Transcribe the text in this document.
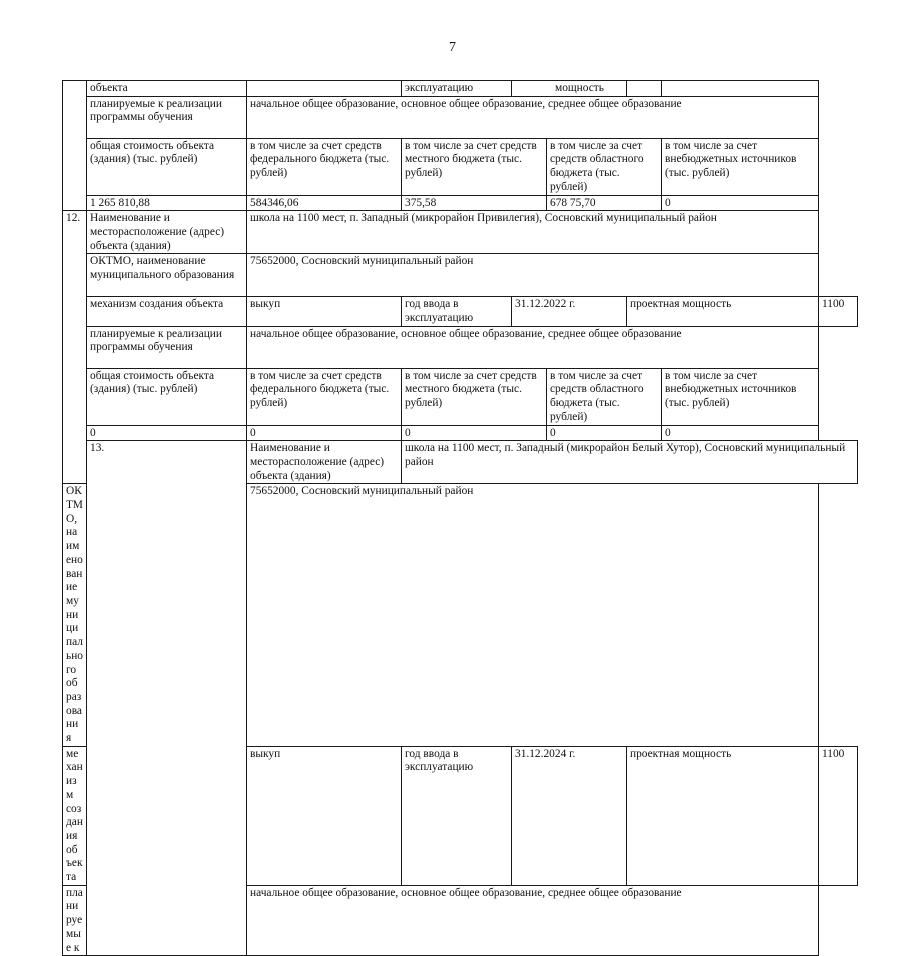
7
	объекта		эксплуатацию				мощность	
	планируемые к реализации программы обучения	начальное общее образование, основное общее образование, среднее общее образование						
	общая стоимость объекта (здания) (тыс. рублей)	в том числе за счет средств федерального бюджета (тыс. рублей)	в том числе за счет средств местного бюджета (тыс. рублей)		в том числе за счет средств областного бюджета (тыс. рублей)		в том числе за счет внебюджетных источников (тыс. рублей)	
	1 265 810,88	584346,06	375,58		678 75,70		0	
12.	Наименование и месторасположение (адрес) объекта (здания)	школа на 1100 мест, п. Западный (микрорайон Привилегия), Сосновский муниципальный район						
	ОКТМО, наименование муниципального образования	75652000, Сосновский муниципальный район						
	механизм создания объекта	выкуп	год ввода в эксплуатацию	31.12.2022 г.		проектная мощность		1100
	планируемые к реализации программы обучения	начальное общее образование, основное общее образование, среднее общее образование						
	общая стоимость объекта (здания) (тыс. рублей)	в том числе за счет средств федерального бюджета (тыс. рублей)	в том числе за счет средств местного бюджета (тыс. рублей)		в том числе за счет средств областного бюджета (тыс. рублей)		в том числе за счет внебюджетных источников (тыс. рублей)	
	0	0	0		0		0	
	13.	Наименование и месторасположение (адрес) объекта (здания)	школа на 1100 мест, п. Западный (микрорайон Белый Хутор), Сосновский муниципальный район					
ОКТМО, наименование муниципального образования		75652000, Сосновский муниципальный район						
механизм создания объекта		выкуп	год ввода в эксплуатацию	31.12.2024 г.		проектная мощность		1100
планируемые к		начальное общее образование, основное общее образование, среднее общее образование						
